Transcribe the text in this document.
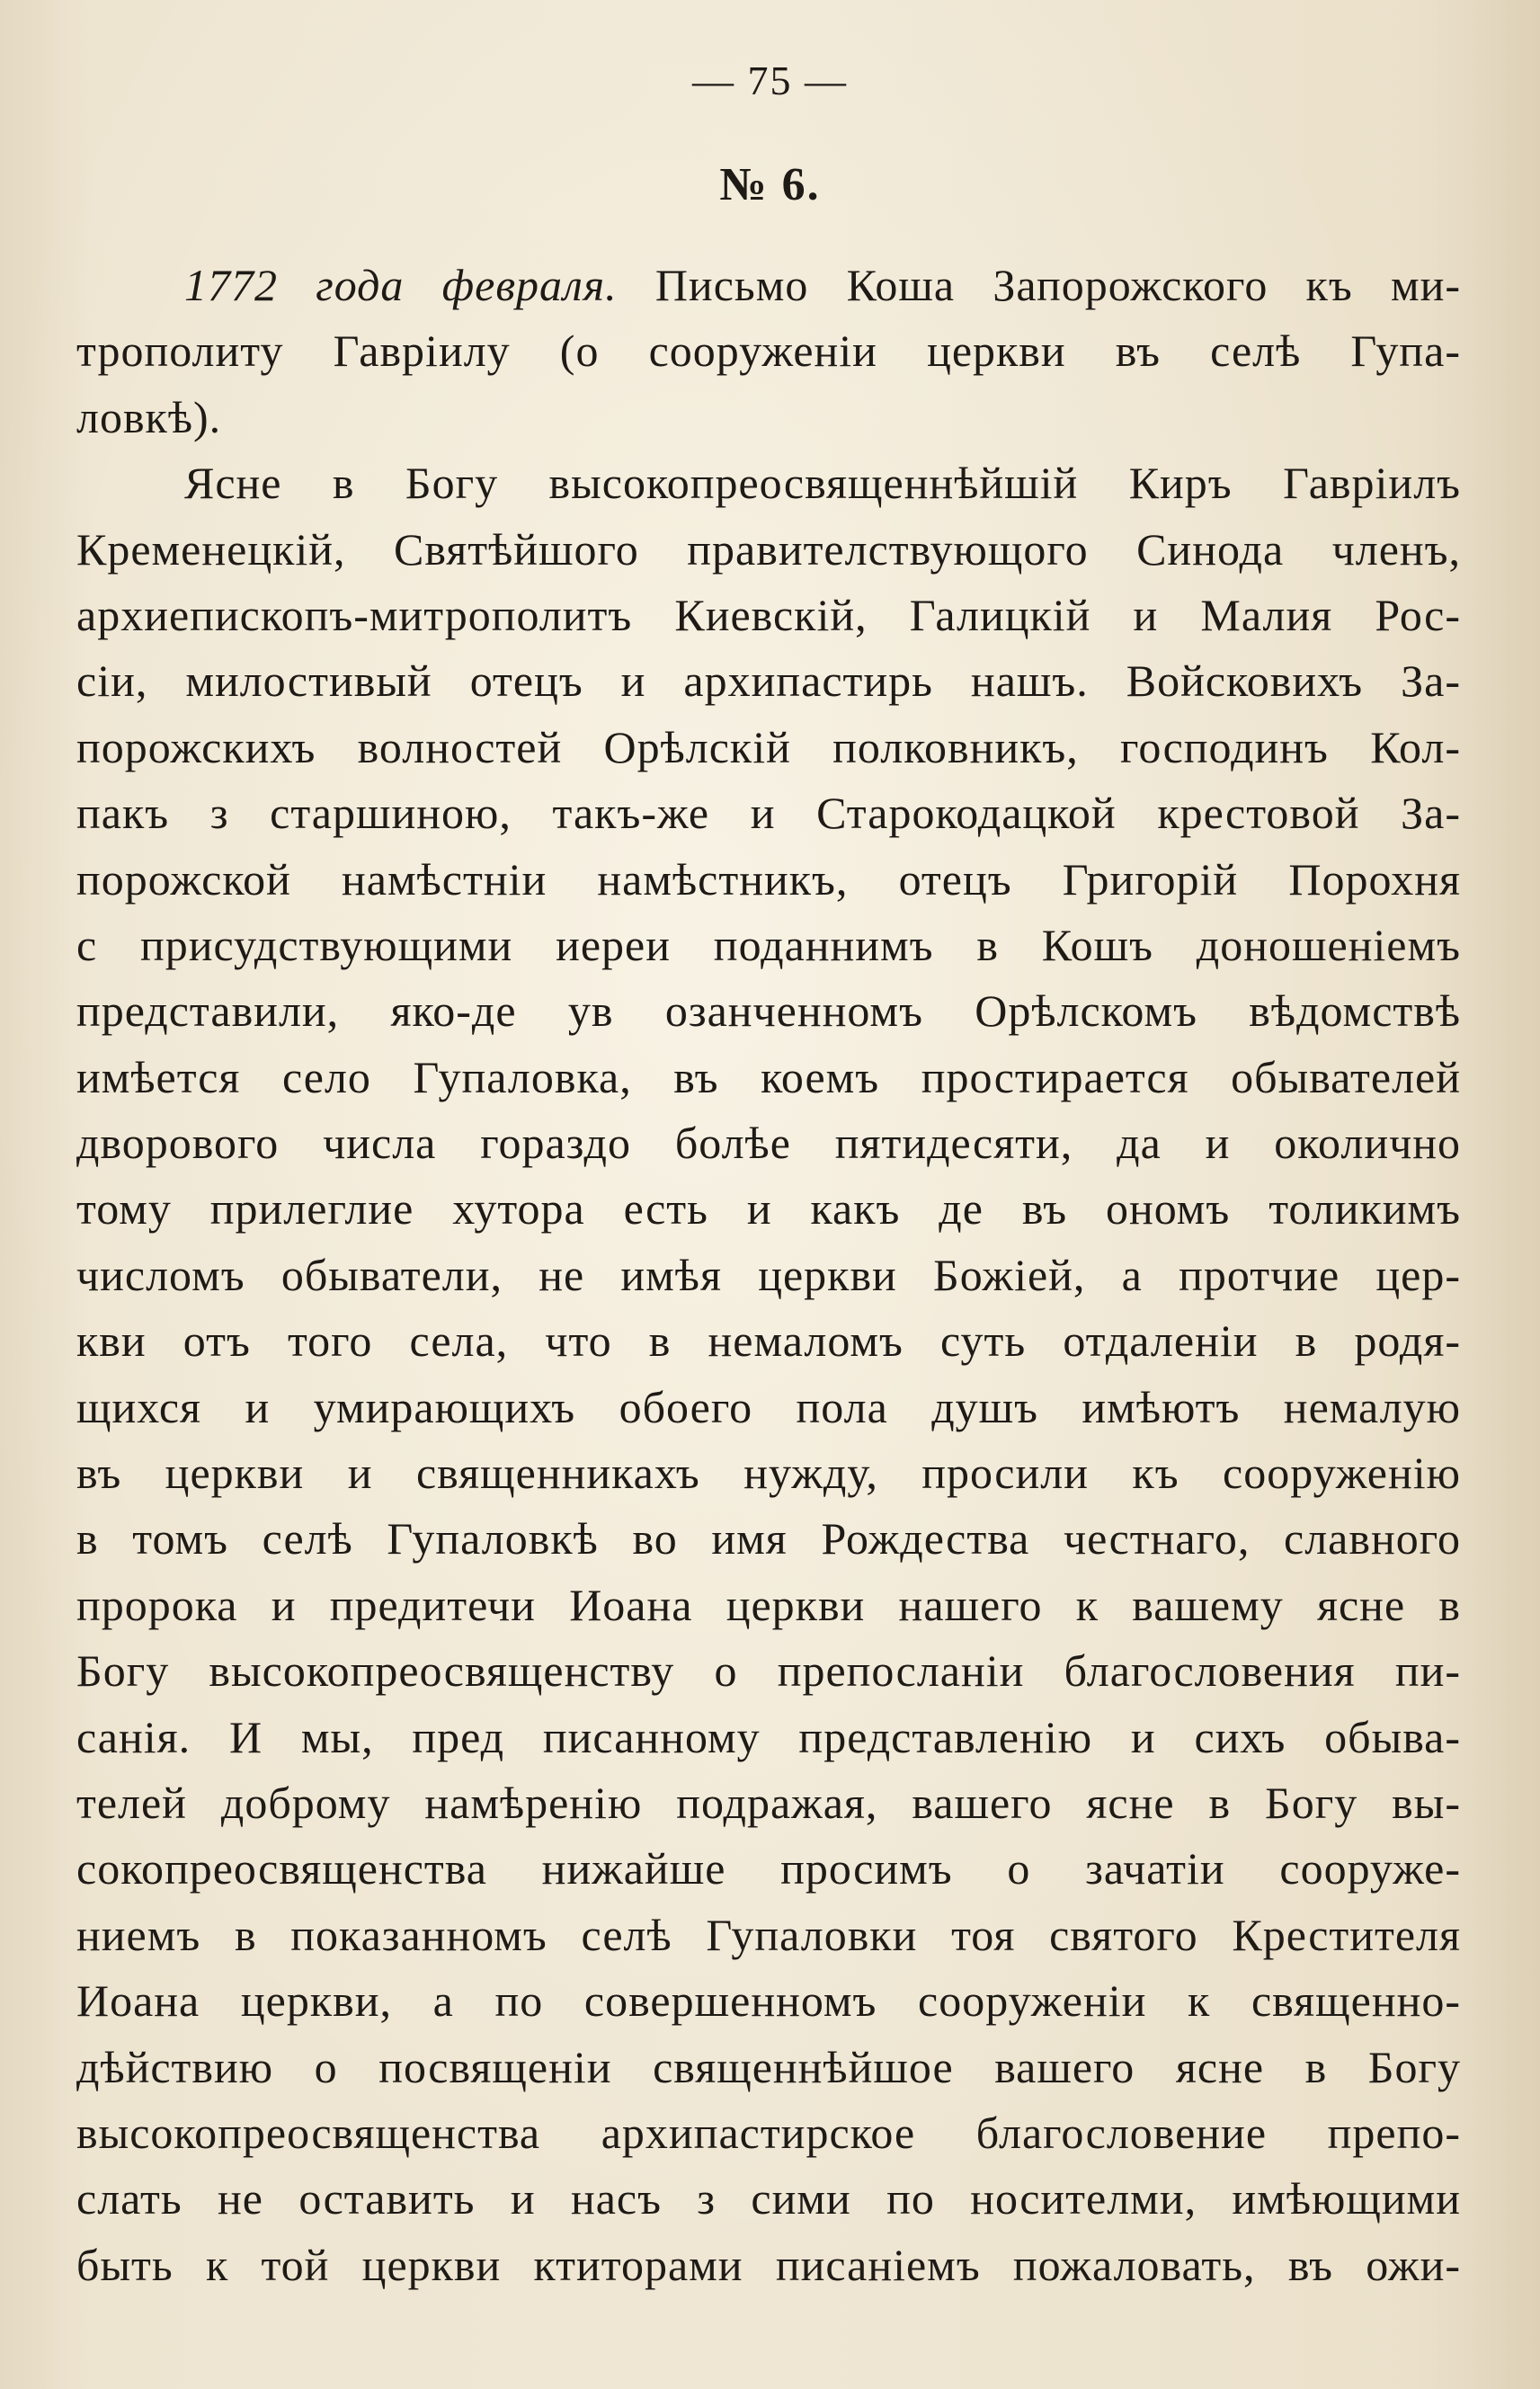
— 75 —
№ 6.
1772 года февраля. Письмо Коша Запорожского къ ми-
трополиту Гавріилу (о сооруженіи церкви въ селѣ Гупа-
ловкѣ).
Ясне в Богу высокопреосвященнѣйшій Киръ Гавріилъ
Кременецкій, Святѣйшого правителствующого Синода членъ,
архиепископъ-митрополитъ Киевскій, Галицкій и Малия Рос-
сіи, милостивый отецъ и архипастирь нашъ. Войсковихъ За-
порожскихъ волностей Орѣлскій полковникъ, господинъ Кол-
пакъ з старшиною, такъ-же и Старокодацкой крестовой За-
порожской намѣстніи намѣстникъ, отецъ Григорій Порохня
с присудствующими иереи поданнимъ в Кошъ доношеніемъ
представили, яко-де ув озанченномъ Орѣлскомъ вѣдомствѣ
имѣется село Гупаловка, въ коемъ простирается обывателей
дворового числа гораздо болѣе пятидесяти, да и околично
тому прилеглие хутора есть и какъ де въ ономъ толикимъ
числомъ обыватели, не имѣя церкви Божіей, а протчие цер-
кви отъ того села, что в немаломъ суть отдаленіи в родя-
щихся и умирающихъ обоего пола душъ имѣютъ немалую
въ церкви и священникахъ нужду, просили къ сооруженію
в томъ селѣ Гупаловкѣ во имя Рождества честнаго, славного
пророка и предитечи Иоана церкви нашего к вашему ясне в
Богу высокопреосвященству о препосланіи благословения пи-
санія. И мы, пред писанному представленію и сихъ обыва-
телей доброму намѣренію подражая, вашего ясне в Богу вы-
сокопреосвященства нижайше просимъ о зачатіи сооруже-
ниемъ в показанномъ селѣ Гупаловки тоя святого Крестителя
Иоана церкви, а по совершенномъ сооруженіи к священно-
дѣйствию о посвященіи священнѣйшое вашего ясне в Богу
высокопреосвященства архипастирское благословение препо-
слать не оставить и насъ з сими по носителми, имѣющими
быть к той церкви ктиторами писаніемъ пожаловать, въ ожи-
